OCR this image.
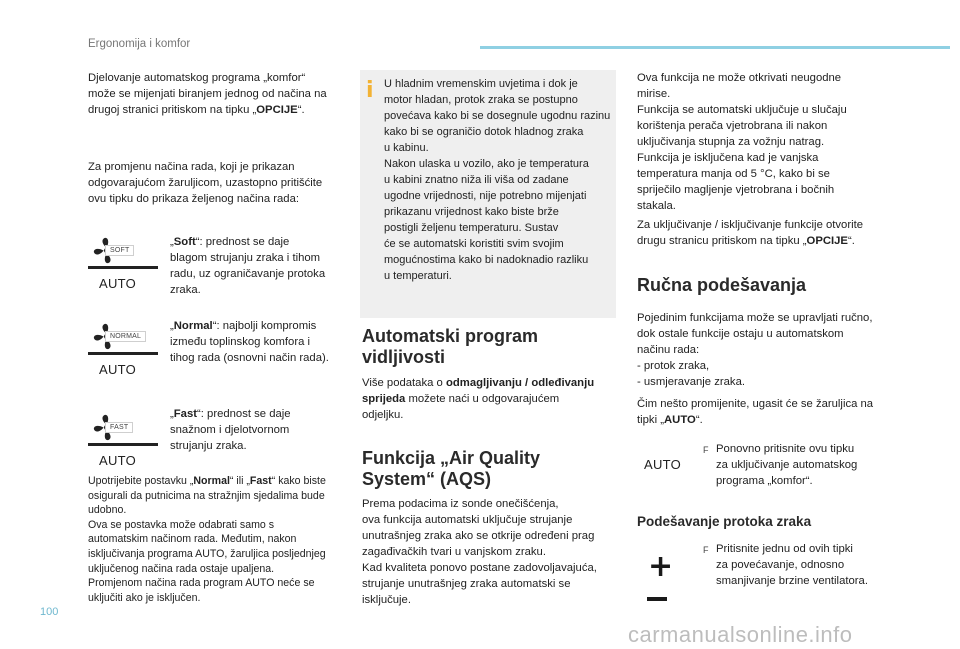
Ergonomija i komfor
Djelovanje automatskog programa „komfor“
može se mijenjati biranjem jednog od načina na
drugoj stranici pritiskom na tipku „OPCIJE“.
Za promjenu načina rada, koji je prikazan
odgovarajućom žaruljicom, uzastopno pritišćite
ovu tipku do prikaza željenog načina rada:
SOFT
AUTO
„Soft“: prednost se daje
blagom strujanju zraka i tihom
radu, uz ograničavanje protoka
zraka.
NORMAL
AUTO
„Normal“: najbolji kompromis
između toplinskog komfora i
tihog rada (osnovni način rada).
FAST
AUTO
„Fast“: prednost se daje
snažnom i djelotvornom
strujanju zraka.
Upotrijebite postavku „Normal“ ili „Fast“ kako biste
osigurali da putnicima na stražnjim sjedalima bude
udobno.
Ova se postavka može odabrati samo s
automatskim načinom rada. Međutim, nakon
isključivanja programa AUTO, žaruljica posljednjeg
uključenog načina rada ostaje upaljena.
Promjenom načina rada program AUTO neće se
uključiti ako je isključen.
i U hladnim vremenskim uvjetima i dok je
motor hladan, protok zraka se postupno
povećava kako bi se dosegnule ugodnu razinu
kako bi se ograničio dotok hladnog zraka
u kabinu.
Nakon ulaska u vozilo, ako je temperatura
u kabini znatno niža ili viša od zadane
ugodne vrijednosti, nije potrebno mijenjati
prikazanu vrijednost kako biste brže
postigli željenu temperaturu. Sustav
će se automatski koristiti svim svojim
mogućnostima kako bi nadoknadio razliku
u temperaturi.
Automatski program
vidljivosti
Više podataka o odmagljivanju / odleđivanju
sprijeda možete naći u odgovarajućem
odjeljku.
Funkcija „Air Quality
System“ (AQS)
Prema podacima iz sonde onečišćenja,
ova funkcija automatski uključuje strujanje
unutrašnjeg zraka ako se otkrije određeni prag
zagađivačkih tvari u vanjskom zraku.
Kad kvaliteta ponovo postane zadovoljavajuća,
strujanje unutrašnjeg zraka automatski se
isključuje.
Ova funkcija ne može otkrivati neugodne
mirise.
Funkcija se automatski uključuje u slučaju
korištenja perača vjetrobrana ili nakon
uključivanja stupnja za vožnju natrag.
Funkcija je isključena kad je vanjska
temperatura manja od 5 °C, kako bi se
spriječilo magljenje vjetrobrana i bočnih
stakala.
Za uključivanje / isključivanje funkcije otvorite
drugu stranicu pritiskom na tipku „OPCIJE“.
Ručna podešavanja
Pojedinim funkcijama može se upravljati ručno,
dok ostale funkcije ostaju u automatskom
načinu rada:
- protok zraka,
- usmjeravanje zraka.
Čim nešto promijenite, ugasit će se žaruljica na
tipki „AUTO“.
AUTO
F Ponovno pritisnite ovu tipku
za uključivanje automatskog
programa „komfor“.
Podešavanje protoka zraka
+	F Pritisnite jednu od ovih tipki
za povećavanje, odnosno
smanjivanje brzine ventilatora.
100
carmanualsonline.info
